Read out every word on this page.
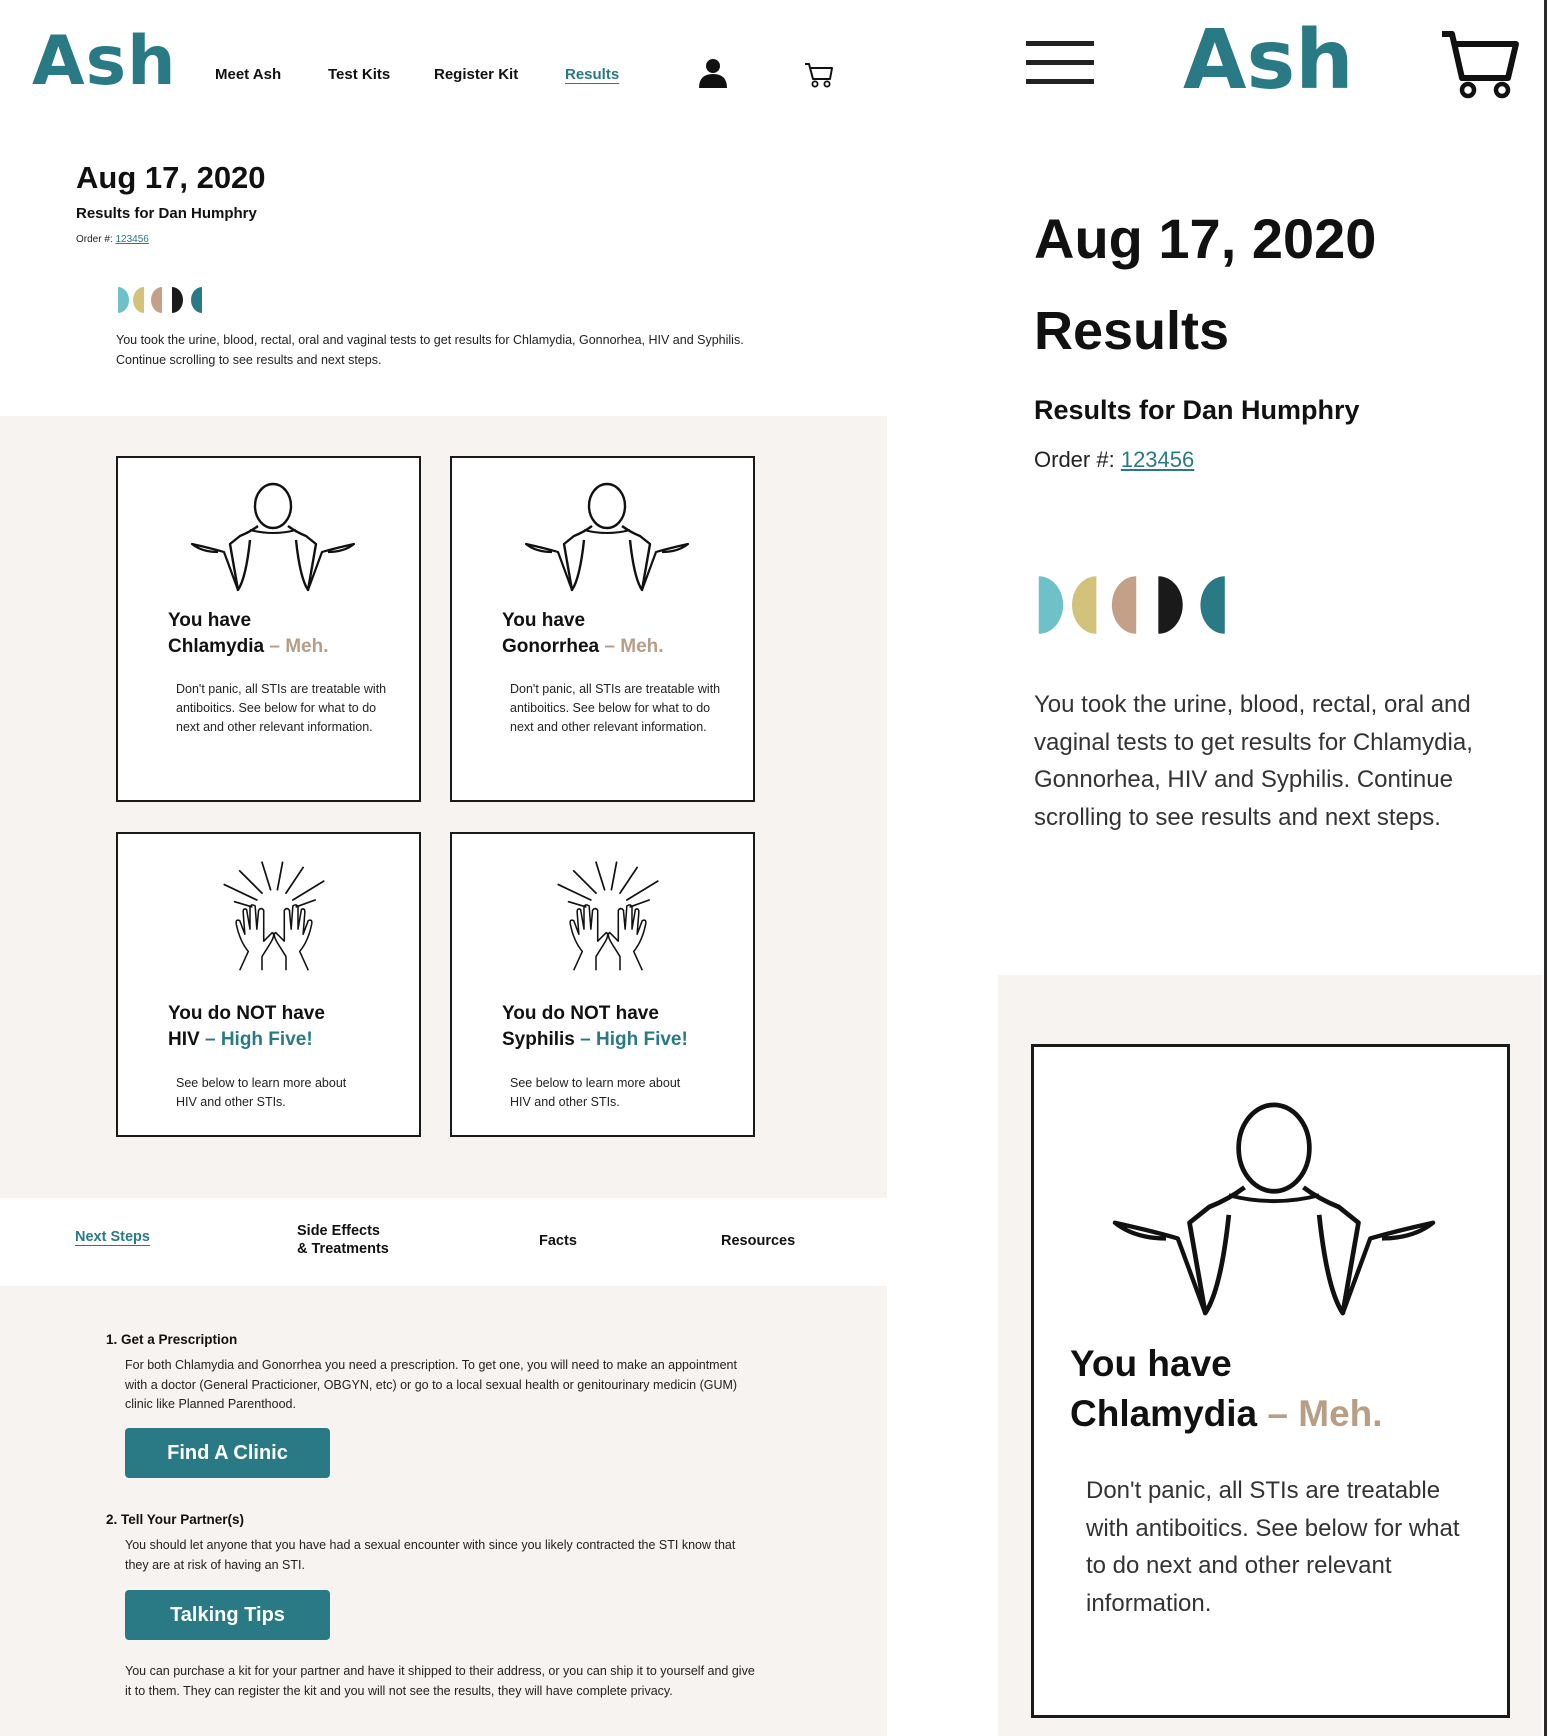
Ash	Meet Ash	Test Kits	Register Kit	Results
Aug 17, 2020
Results for Dan Humphry
Order #: 123456

You took the urine, blood, rectal, oral and vaginal tests to get results for Chlamydia, Gonnorhea, HIV and Syphilis. Continue scrolling to see results and next steps.

You have
Chlamydia – Meh.

Don't panic, all STIs are treatable with antiboitics. See below for what to do next and other relevant information.

You have
Gonorrhea – Meh.

Don't panic, all STIs are treatable with antiboitics. See below for what to do next and other relevant information.

You do NOT have
HIV – High Five!

See below to learn more about HIV and other STIs.

You do NOT have
Syphilis – High Five!

See below to learn more about HIV and other STIs.

Next Steps	Side Effects
& Treatments	Facts	Resources
1. Get a Prescription

For both Chlamydia and Gonorrhea you need a prescription. To get one, you will need to make an appointment with a doctor (General Practicioner, OBGYN, etc) or go to a local sexual health or genitourinary medicin (GUM) clinic like Planned Parenthood.

Find A Clinic
2. Tell Your Partner(s)

You should let anyone that you have had a sexual encounter with since you likely contracted the STI know that they are at risk of having an STI.

Talking Tips

You can purchase a kit for your partner and have it shipped to their address, or you can ship it to yourself and give it to them. They can register the kit and you will not see the results, they will have complete privacy.

Ash
Aug 17, 2020
Results
Results for Dan Humphry
Order #: 123456

You took the urine, blood, rectal, oral and vaginal tests to get results for Chlamydia, Gonnorhea, HIV and Syphilis. Continue scrolling to see results and next steps.

You have
Chlamydia – Meh.

Don't panic, all STIs are treatable with antiboitics. See below for what to do next and other relevant information.
